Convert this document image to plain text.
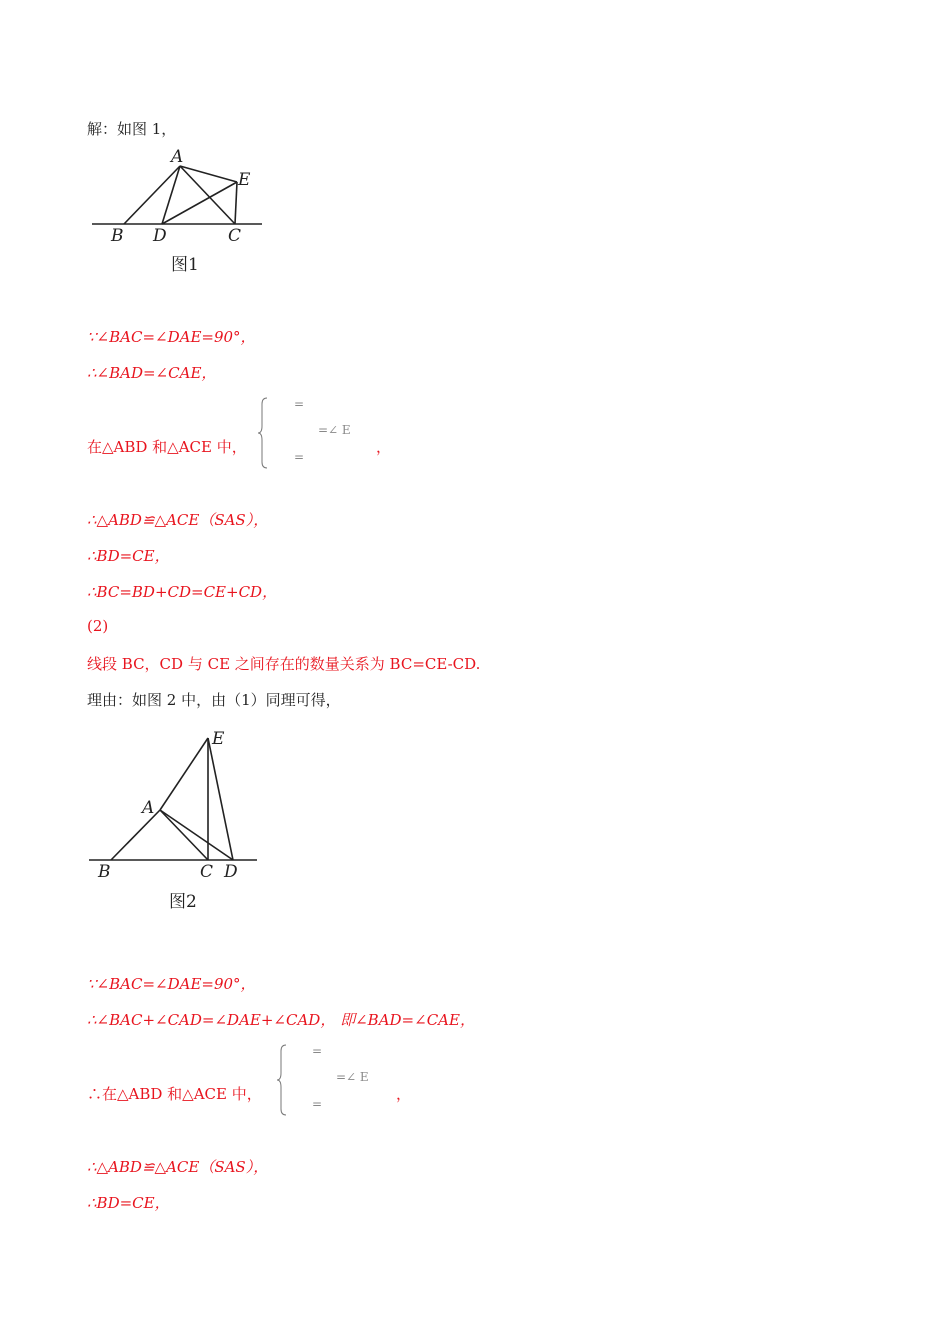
解：如图 1，
A
E
B D	C
图1
∵∠BAC=∠DAE=90°，
∴∠BAD=∠CAE，
在△ABD 和△ACE 中，
=
=∠ E
=
，
∴△ABD≌△ACE（SAS），
∴BD=CE，
∴BC=BD+CD=CE+CD，
(2)
线段 BC，CD 与 CE 之间存在的数量关系为 BC=CE-CD.
理由：如图 2 中，由（1）同理可得，
E
A
B	C D
图2
∵∠BAC=∠DAE=90°，
∴∠BAC+∠CAD=∠DAE+∠CAD， 即∠BAD=∠CAE，
∴在△ABD 和△ACE 中，
=
=∠ E
=
，
∴△ABD≌△ACE（SAS），
∴BD=CE，
